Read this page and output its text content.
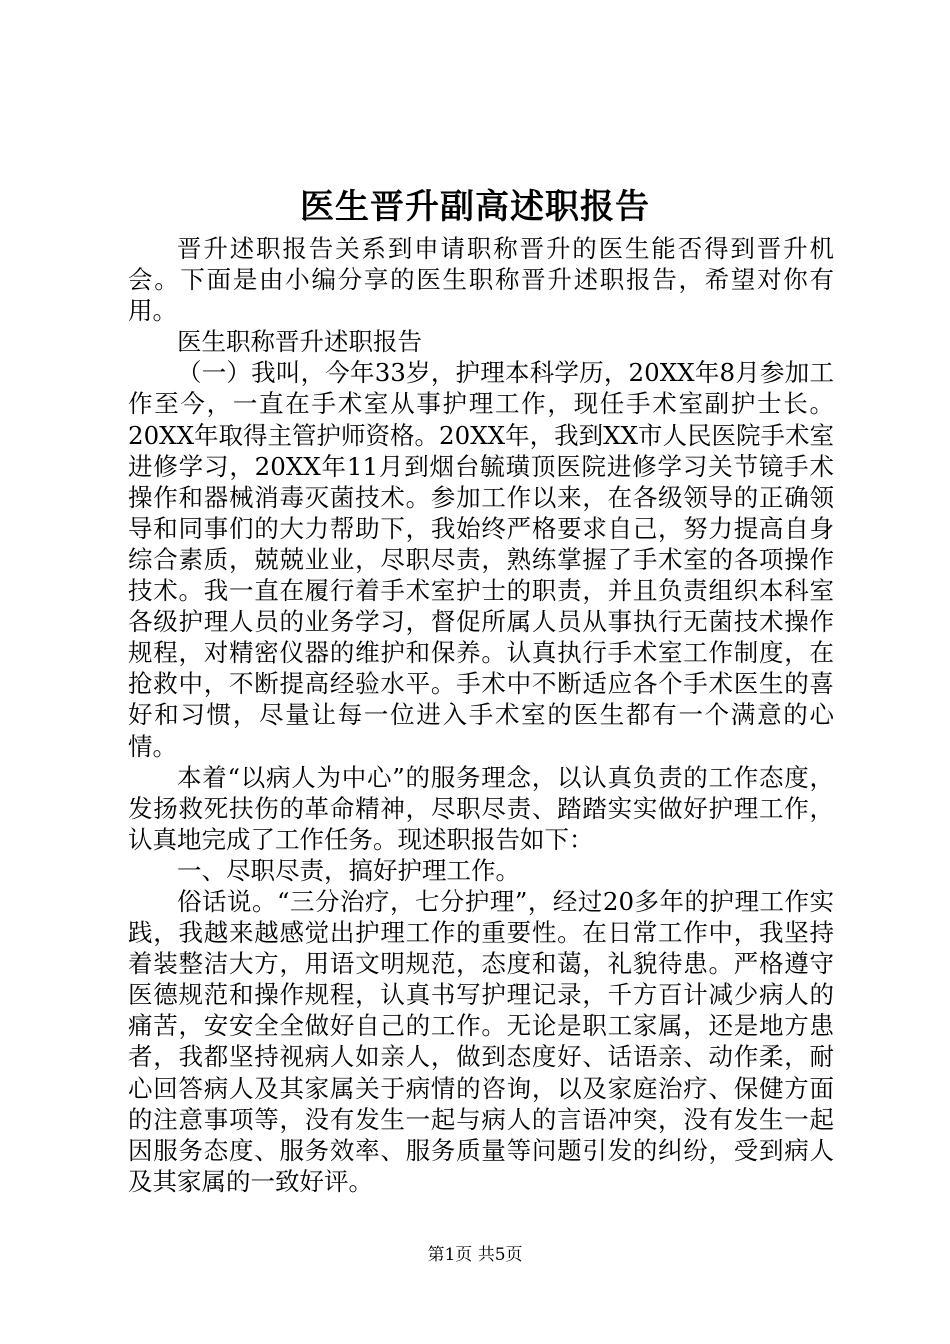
医生晋升副高述职报告

晋升述职报告关系到申请职称晋升的医生能否得到晋升机会。下面是由小编分享的医生职称晋升述职报告，希望对你有用。

医生职称晋升述职报告

（一）我叫，今年33岁，护理本科学历，20XX年8月参加工作至今，一直在手术室从事护理工作，现任手术室副护士长。20XX年取得主管护师资格。20XX年，我到XX市人民医院手术室进修学习，20XX年11月到烟台毓璜顶医院进修学习关节镜手术操作和器械消毒灭菌技术。参加工作以来，在各级领导的正确领导和同事们的大力帮助下，我始终严格要求自己，努力提高自身综合素质，兢兢业业，尽职尽责，熟练掌握了手术室的各项操作技术。我一直在履行着手术室护士的职责，并且负责组织本科室各级护理人员的业务学习，督促所属人员从事执行无菌技术操作规程，对精密仪器的维护和保养。认真执行手术室工作制度，在抢救中，不断提高经验水平。手术中不断适应各个手术医生的喜好和习惯，尽量让每一位进入手术室的医生都有一个满意的心情。

本着“以病人为中心”的服务理念，以认真负责的工作态度，发扬救死扶伤的革命精神，尽职尽责、踏踏实实做好护理工作，认真地完成了工作任务。现述职报告如下：

一、尽职尽责，搞好护理工作。

俗话说。“三分治疗，七分护理”，经过20多年的护理工作实践，我越来越感觉出护理工作的重要性。在日常工作中，我坚持着装整洁大方，用语文明规范，态度和蔼，礼貌待患。严格遵守医德规范和操作规程，认真书写护理记录，千方百计减少病人的痛苦，安安全全做好自己的工作。无论是职工家属，还是地方患者，我都坚持视病人如亲人，做到态度好、话语亲、动作柔，耐心回答病人及其家属关于病情的咨询，以及家庭治疗、保健方面的注意事项等，没有发生一起与病人的言语冲突，没有发生一起因服务态度、服务效率、服务质量等问题引发的纠纷，受到病人及其家属的一致好评。

第1页 共5页
